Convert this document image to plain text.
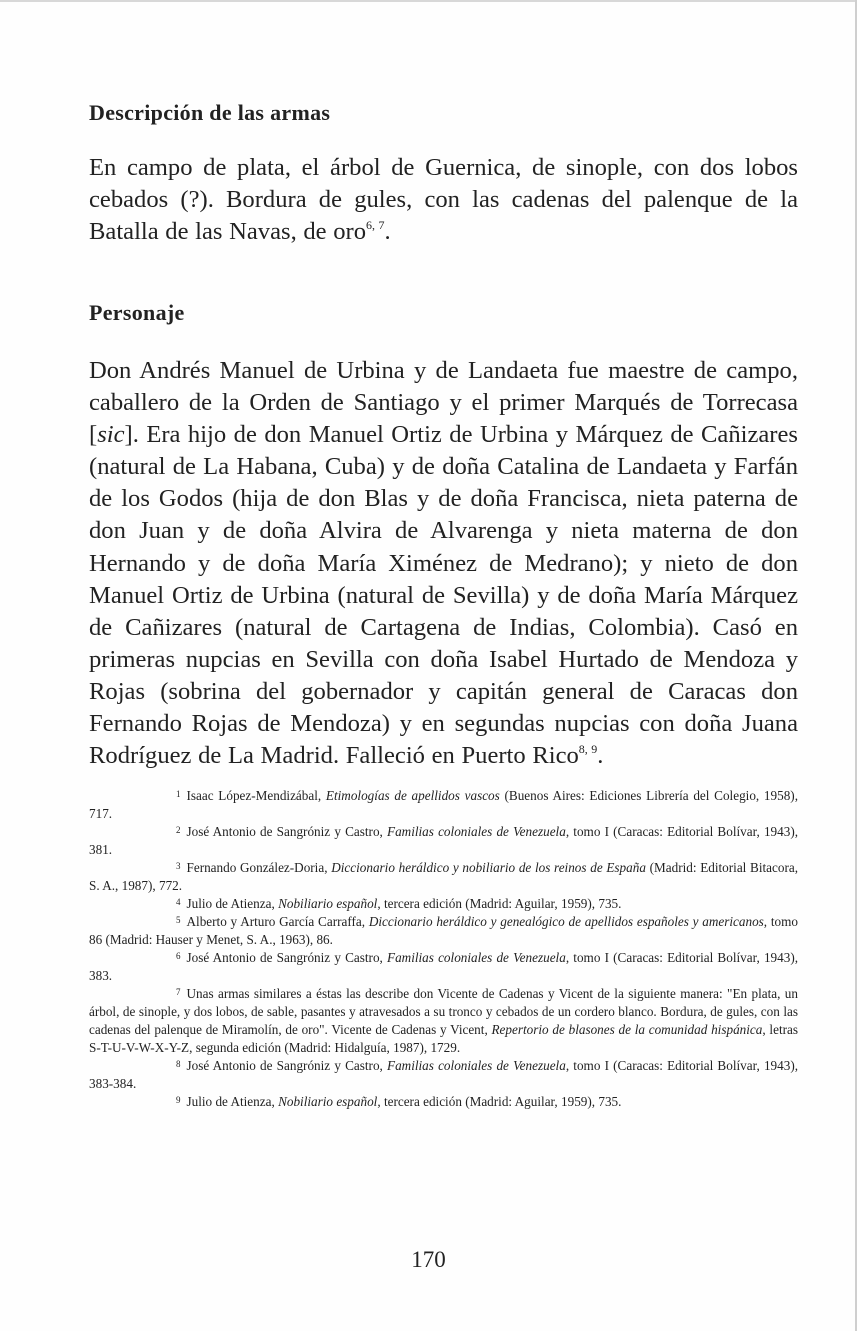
Descripción de las armas

En campo de plata, el árbol de Guernica, de sinople, con dos lobos cebados (?). Bordura de gules, con las cadenas del palenque de la Batalla de las Navas, de oro$^{6, 7}$.

Personaje

Don Andrés Manuel de Urbina y de Landaeta fue maestre de campo, caballero de la Orden de Santiago y el primer Marqués de Torrecasa [sic]. Era hijo de don Manuel Ortiz de Urbina y Márquez de Cañizares (natural de La Habana, Cuba) y de doña Catalina de Landaeta y Farfán de los Godos (hija de don Blas y de doña Francisca, nieta paterna de don Juan y de doña Alvira de Alvarenga y nieta materna de don Hernando y de doña María Ximénez de Medrano); y nieto de don Manuel Ortiz de Urbina (natural de Sevilla) y de doña María Márquez de Cañizares (natural de Cartagena de Indias, Colombia). Casó en primeras nupcias en Sevilla con doña Isabel Hurtado de Mendoza y Rojas (sobrina del gobernador y capitán general de Caracas don Fernando Rojas de Mendoza) y en segundas nupcias con doña Juana Rodríguez de La Madrid. Falleció en Puerto Rico$^{8, 9}$.

$^1$ Isaac López-Mendizábal, Etimologías de apellidos vascos (Buenos Aires: Ediciones Librería del Colegio, 1958), 717.

$^2$ José Antonio de Sangróniz y Castro, Familias coloniales de Venezuela, tomo I (Caracas: Editorial Bolívar, 1943), 381.

$^3$ Fernando González-Doria, Diccionario heráldico y nobiliario de los reinos de España (Madrid: Editorial Bitacora, S. A., 1987), 772.

$^4$ Julio de Atienza, Nobiliario español, tercera edición (Madrid: Aguilar, 1959), 735.

$^5$ Alberto y Arturo García Carraffa, Diccionario heráldico y genealógico de apellidos españoles y americanos, tomo 86 (Madrid: Hauser y Menet, S. A., 1963), 86.

$^6$ José Antonio de Sangróniz y Castro, Familias coloniales de Venezuela, tomo I (Caracas: Editorial Bolívar, 1943), 383.

$^7$ Unas armas similares a éstas las describe don Vicente de Cadenas y Vicent de la siguiente manera: "En plata, un árbol, de sinople, y dos lobos, de sable, pasantes y atravesados a su tronco y cebados de un cordero blanco. Bordura, de gules, con las cadenas del palenque de Miramolín, de oro". Vicente de Cadenas y Vicent, Repertorio de blasones de la comunidad hispánica, letras S-T-U-V-W-X-Y-Z, segunda edición (Madrid: Hidalguía, 1987), 1729.

$^8$ José Antonio de Sangróniz y Castro, Familias coloniales de Venezuela, tomo I (Caracas: Editorial Bolívar, 1943), 383-384.

$^9$ Julio de Atienza, Nobiliario español, tercera edición (Madrid: Aguilar, 1959), 735.

170
